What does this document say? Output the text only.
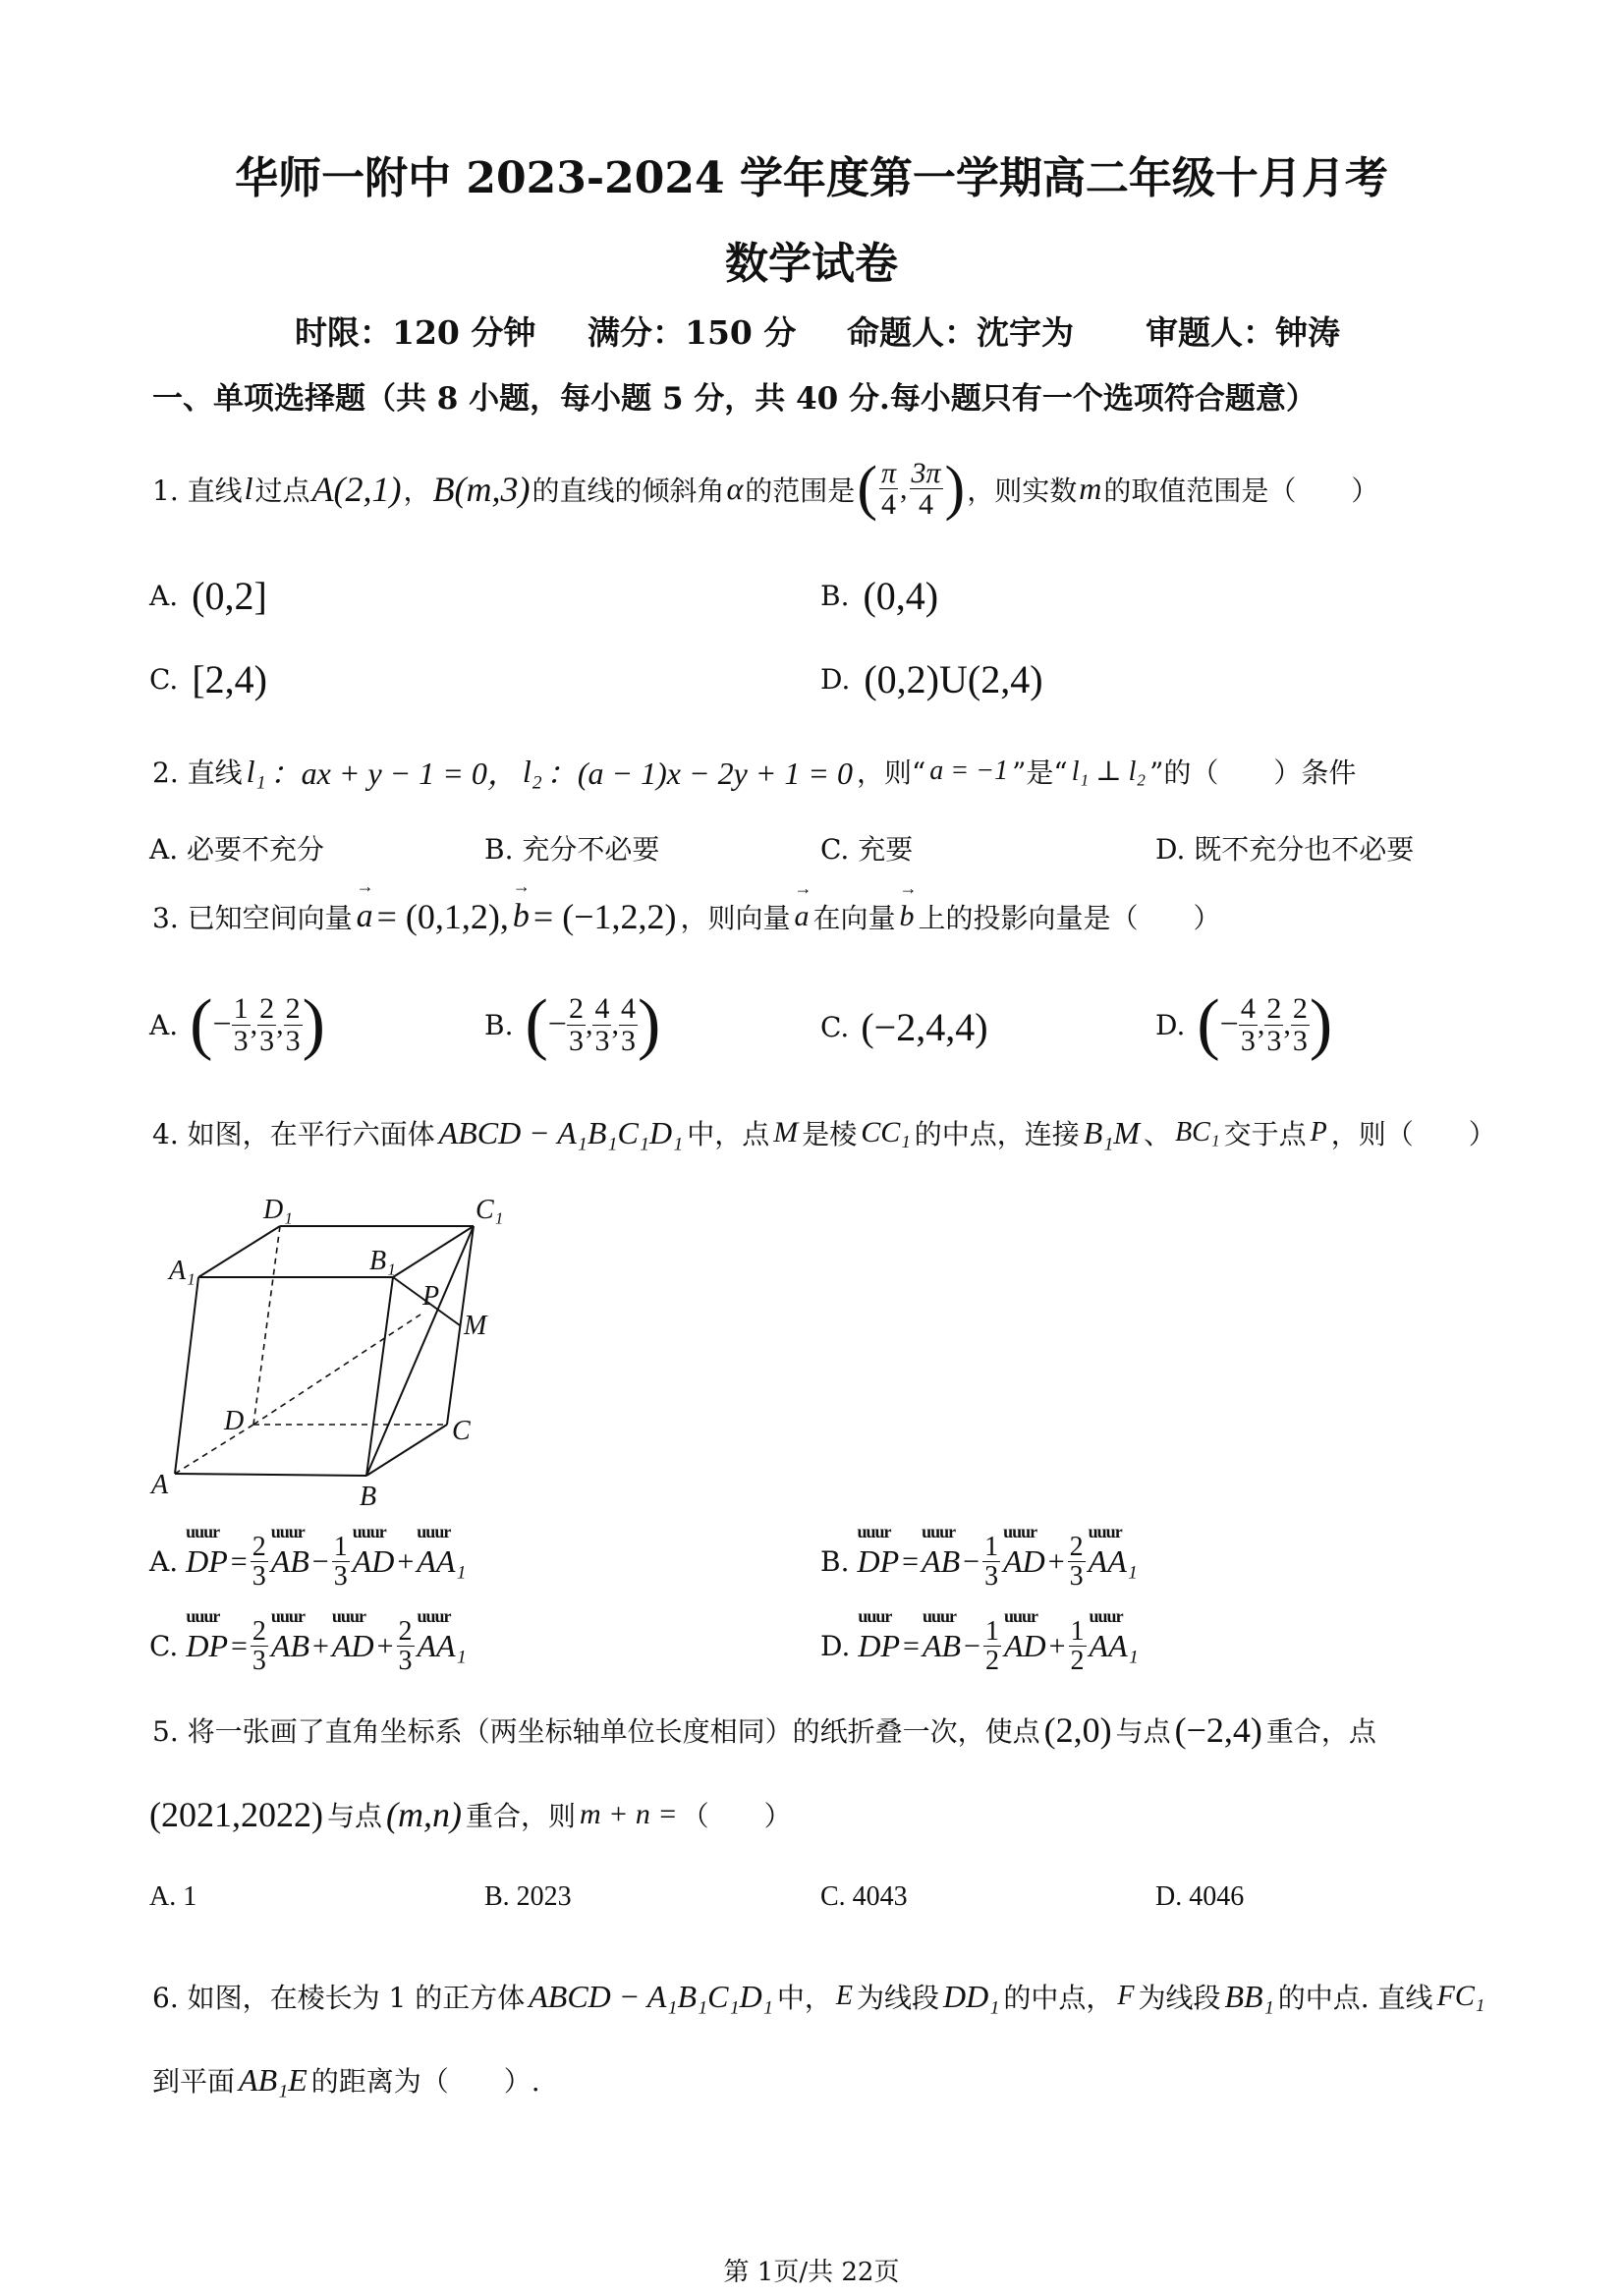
华师一附中 2023-2024 学年度第一学期高二年级十月月考
数学试卷
时限：120 分钟 满分：150 分 命题人：沈宇为 审题人：钟涛
一、单项选择题（共 8 小题，每小题 5 分，共 40 分.每小题只有一个选项符合题意）
1. 直线 l 过点 A(2,1) ， B(m,3) 的直线的倾斜角 α 的范围是 ( $\frac{\pi}{4}$ , $\frac{3\pi}{4}$ ) ，则实数 m 的取值范围是（　　）
A. (0,2]	B. (0,4)
C. [2,4)	D. (0,2)U(2,4)
2. 直线 l₁ ：ax + y − 1 = 0， l₂ ：(a − 1)x − 2y + 1 = 0 ，则“ a = −1 ”是“ l₁ ⊥ l₂ ”的（　　）条件
A. 必要不充分	B. 充分不必要	C. 充要	D. 既不充分也不必要
3. 已知空间向量
→
a = (0,1,2),
→
b = (−1,2,2) ，则向量
→
a 在向量
→
b 上的投影向量是（　　）
A. ( − $\frac{1}{3}$ , $\frac{2}{3}$ , $\frac{2}{3}$ )	B. ( − $\frac{2}{3}$ , $\frac{4}{3}$ , $\frac{4}{3}$ )	C. (−2,4,4)	D. ( − $\frac{4}{3}$ , $\frac{2}{3}$ , $\frac{2}{3}$ )
4. 如图，在平行六面体 ABCD − A₁B₁C₁D₁ 中，点 M 是棱 CC₁ 的中点，连接 B₁M 、 BC₁ 交于点 P ，则（　　）
D₁	C₁
A₁	B₁
P
M
D	C
A	B
A.
uuur
DP = $\frac{2}{3}$
uuur
AB − $\frac{1}{3}$
uuur
AD +
uuur
AA₁	B.
uuur
DP =
uuur
AB − $\frac{1}{3}$
uuur
AD + $\frac{2}{3}$
uuur
AA₁
C.
uuur
DP = $\frac{2}{3}$
uuur
AB +
uuur
AD + $\frac{2}{3}$
uuur
AA₁	D.
uuur
DP =
uuur
AB − $\frac{1}{2}$
uuur
AD + $\frac{1}{2}$
uuur
AA₁
5. 将一张画了直角坐标系（两坐标轴单位长度相同）的纸折叠一次，使点 (2,0) 与点 (−2,4) 重合，点
(2021,2022) 与点 (m,n) 重合，则 m + n = （　　）
A. 1	B. 2023	C. 4043	D. 4046
6. 如图，在棱长为 1 的正方体 ABCD − A₁B₁C₁D₁ 中， E 为线段 DD₁ 的中点， F 为线段 BB₁ 的中点. 直线 FC₁
到平面 AB₁E 的距离为（　　）.
第 1页/共 22页
